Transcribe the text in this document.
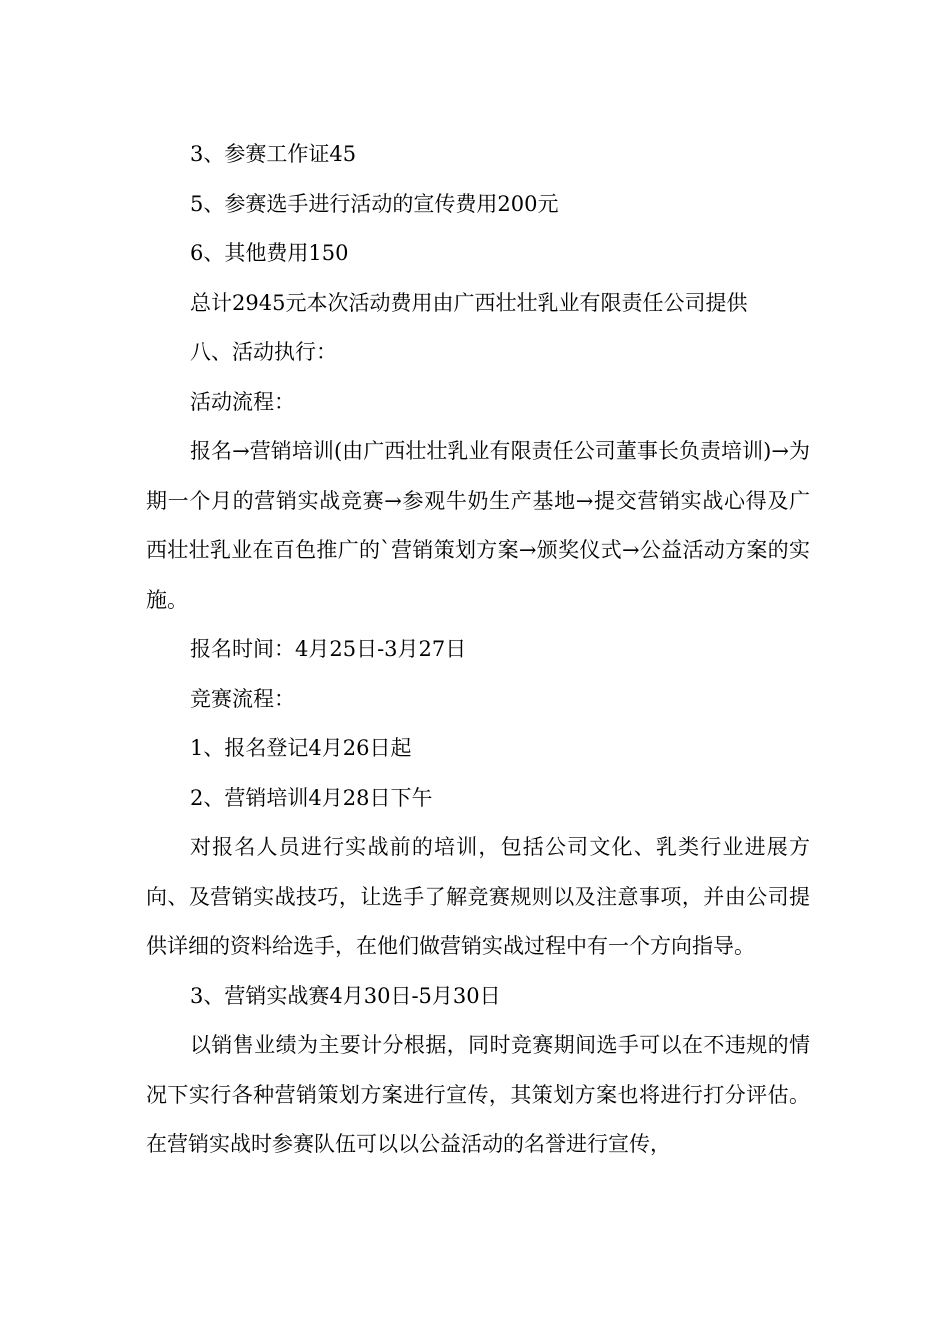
3、参赛工作证45

5、参赛选手进行活动的宣传费用200元

6、其他费用150

总计2945元本次活动费用由广西壮壮乳业有限责任公司提供

八、活动执行：

活动流程：

报名→营销培训(由广西壮壮乳业有限责任公司董事长负责培训)→为期一个月的营销实战竞赛→参观牛奶生产基地→提交营销实战心得及广西壮壮乳业在百色推广的`营销策划方案→颁奖仪式→公益活动方案的实施。

报名时间：4月25日-3月27日

竞赛流程：

1、报名登记4月26日起

2、营销培训4月28日下午

对报名人员进行实战前的培训，包括公司文化、乳类行业进展方向、及营销实战技巧，让选手了解竞赛规则以及注意事项，并由公司提供详细的资料给选手，在他们做营销实战过程中有一个方向指导。

3、营销实战赛4月30日-5月30日

以销售业绩为主要计分根据，同时竞赛期间选手可以在不违规的情况下实行各种营销策划方案进行宣传，其策划方案也将进行打分评估。在营销实战时参赛队伍可以以公益活动的名誉进行宣传，
